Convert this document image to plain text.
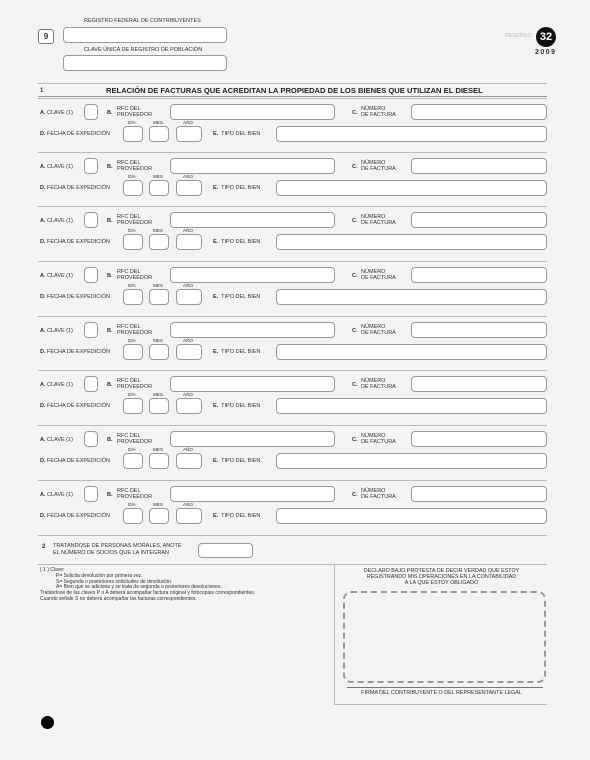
9
REGISTRO FEDERAL DE CONTRIBUYENTES
CLAVE ÚNICA DE REGISTRO DE POBLACIÓN
REVERSO 32
2009
1	RELACIÓN DE FACTURAS QUE ACREDITAN LA PROPIEDAD DE LOS BIENES QUE UTILIZAN EL DIESEL
A. CLAVE (1)	B.
RFC DEL
PROVEEDOR	C.
NÚMERO
DE FACTURA
DÍA	MES	AÑO
D. FECHA DE EXPEDICIÓN	E. TIPO DEL BIEN
A. CLAVE (1)	B.
RFC DEL
PROVEEDOR	C.
NÚMERO
DE FACTURA
DÍA	MES	AÑO
D. FECHA DE EXPEDICIÓN	E. TIPO DEL BIEN
A. CLAVE (1)	B.
RFC DEL
PROVEEDOR	C.
NÚMERO
DE FACTURA
DÍA	MES	AÑO
D. FECHA DE EXPEDICIÓN	E. TIPO DEL BIEN
A. CLAVE (1)	B.
RFC DEL
PROVEEDOR	C.
NÚMERO
DE FACTURA
DÍA	MES	AÑO
D. FECHA DE EXPEDICIÓN	E. TIPO DEL BIEN
A. CLAVE (1)	B.
RFC DEL
PROVEEDOR	C.
NÚMERO
DE FACTURA
DÍA	MES	AÑO
D. FECHA DE EXPEDICIÓN	E. TIPO DEL BIEN
A. CLAVE (1)	B.
RFC DEL
PROVEEDOR	C.
NÚMERO
DE FACTURA
DÍA	MES	AÑO
D. FECHA DE EXPEDICIÓN	E. TIPO DEL BIEN
A. CLAVE (1)	B.
RFC DEL
PROVEEDOR	C.
NÚMERO
DE FACTURA
DÍA	MES	AÑO
D. FECHA DE EXPEDICIÓN	E. TIPO DEL BIEN
A. CLAVE (1)	B.
RFC DEL
PROVEEDOR	C.
NÚMERO
DE FACTURA
DÍA	MES	AÑO
D. FECHA DE EXPEDICIÓN	E. TIPO DEL BIEN
2 TRATÁNDOSE DE PERSONAS MORALES, ANOTE
EL NÚMERO DE SOCIOS QUE LA INTEGRAN
( 1 ) Clave:
P= Solicita devolución por primera vez.
S= Segunda o posteriores solicitudes de devolución.
A= Bien que se adiciona y se trata de segunda o posteriores devoluciones.
Tratándose de las claves P o A deberá acompañar factura original y fotocopias correspondientes.
Cuando señale S no deberá acompañar las facturas correspondientes.
DECLARO BAJO PROTESTA DE DECIR VERDAD QUE ESTOY
REGISTRANDO MIS OPERACIONES EN LA CONTABILIDAD
A LA QUE ESTOY OBLIGADO
FIRMA DEL CONTRIBUYENTE O DEL REPRESENTANTE LEGAL
